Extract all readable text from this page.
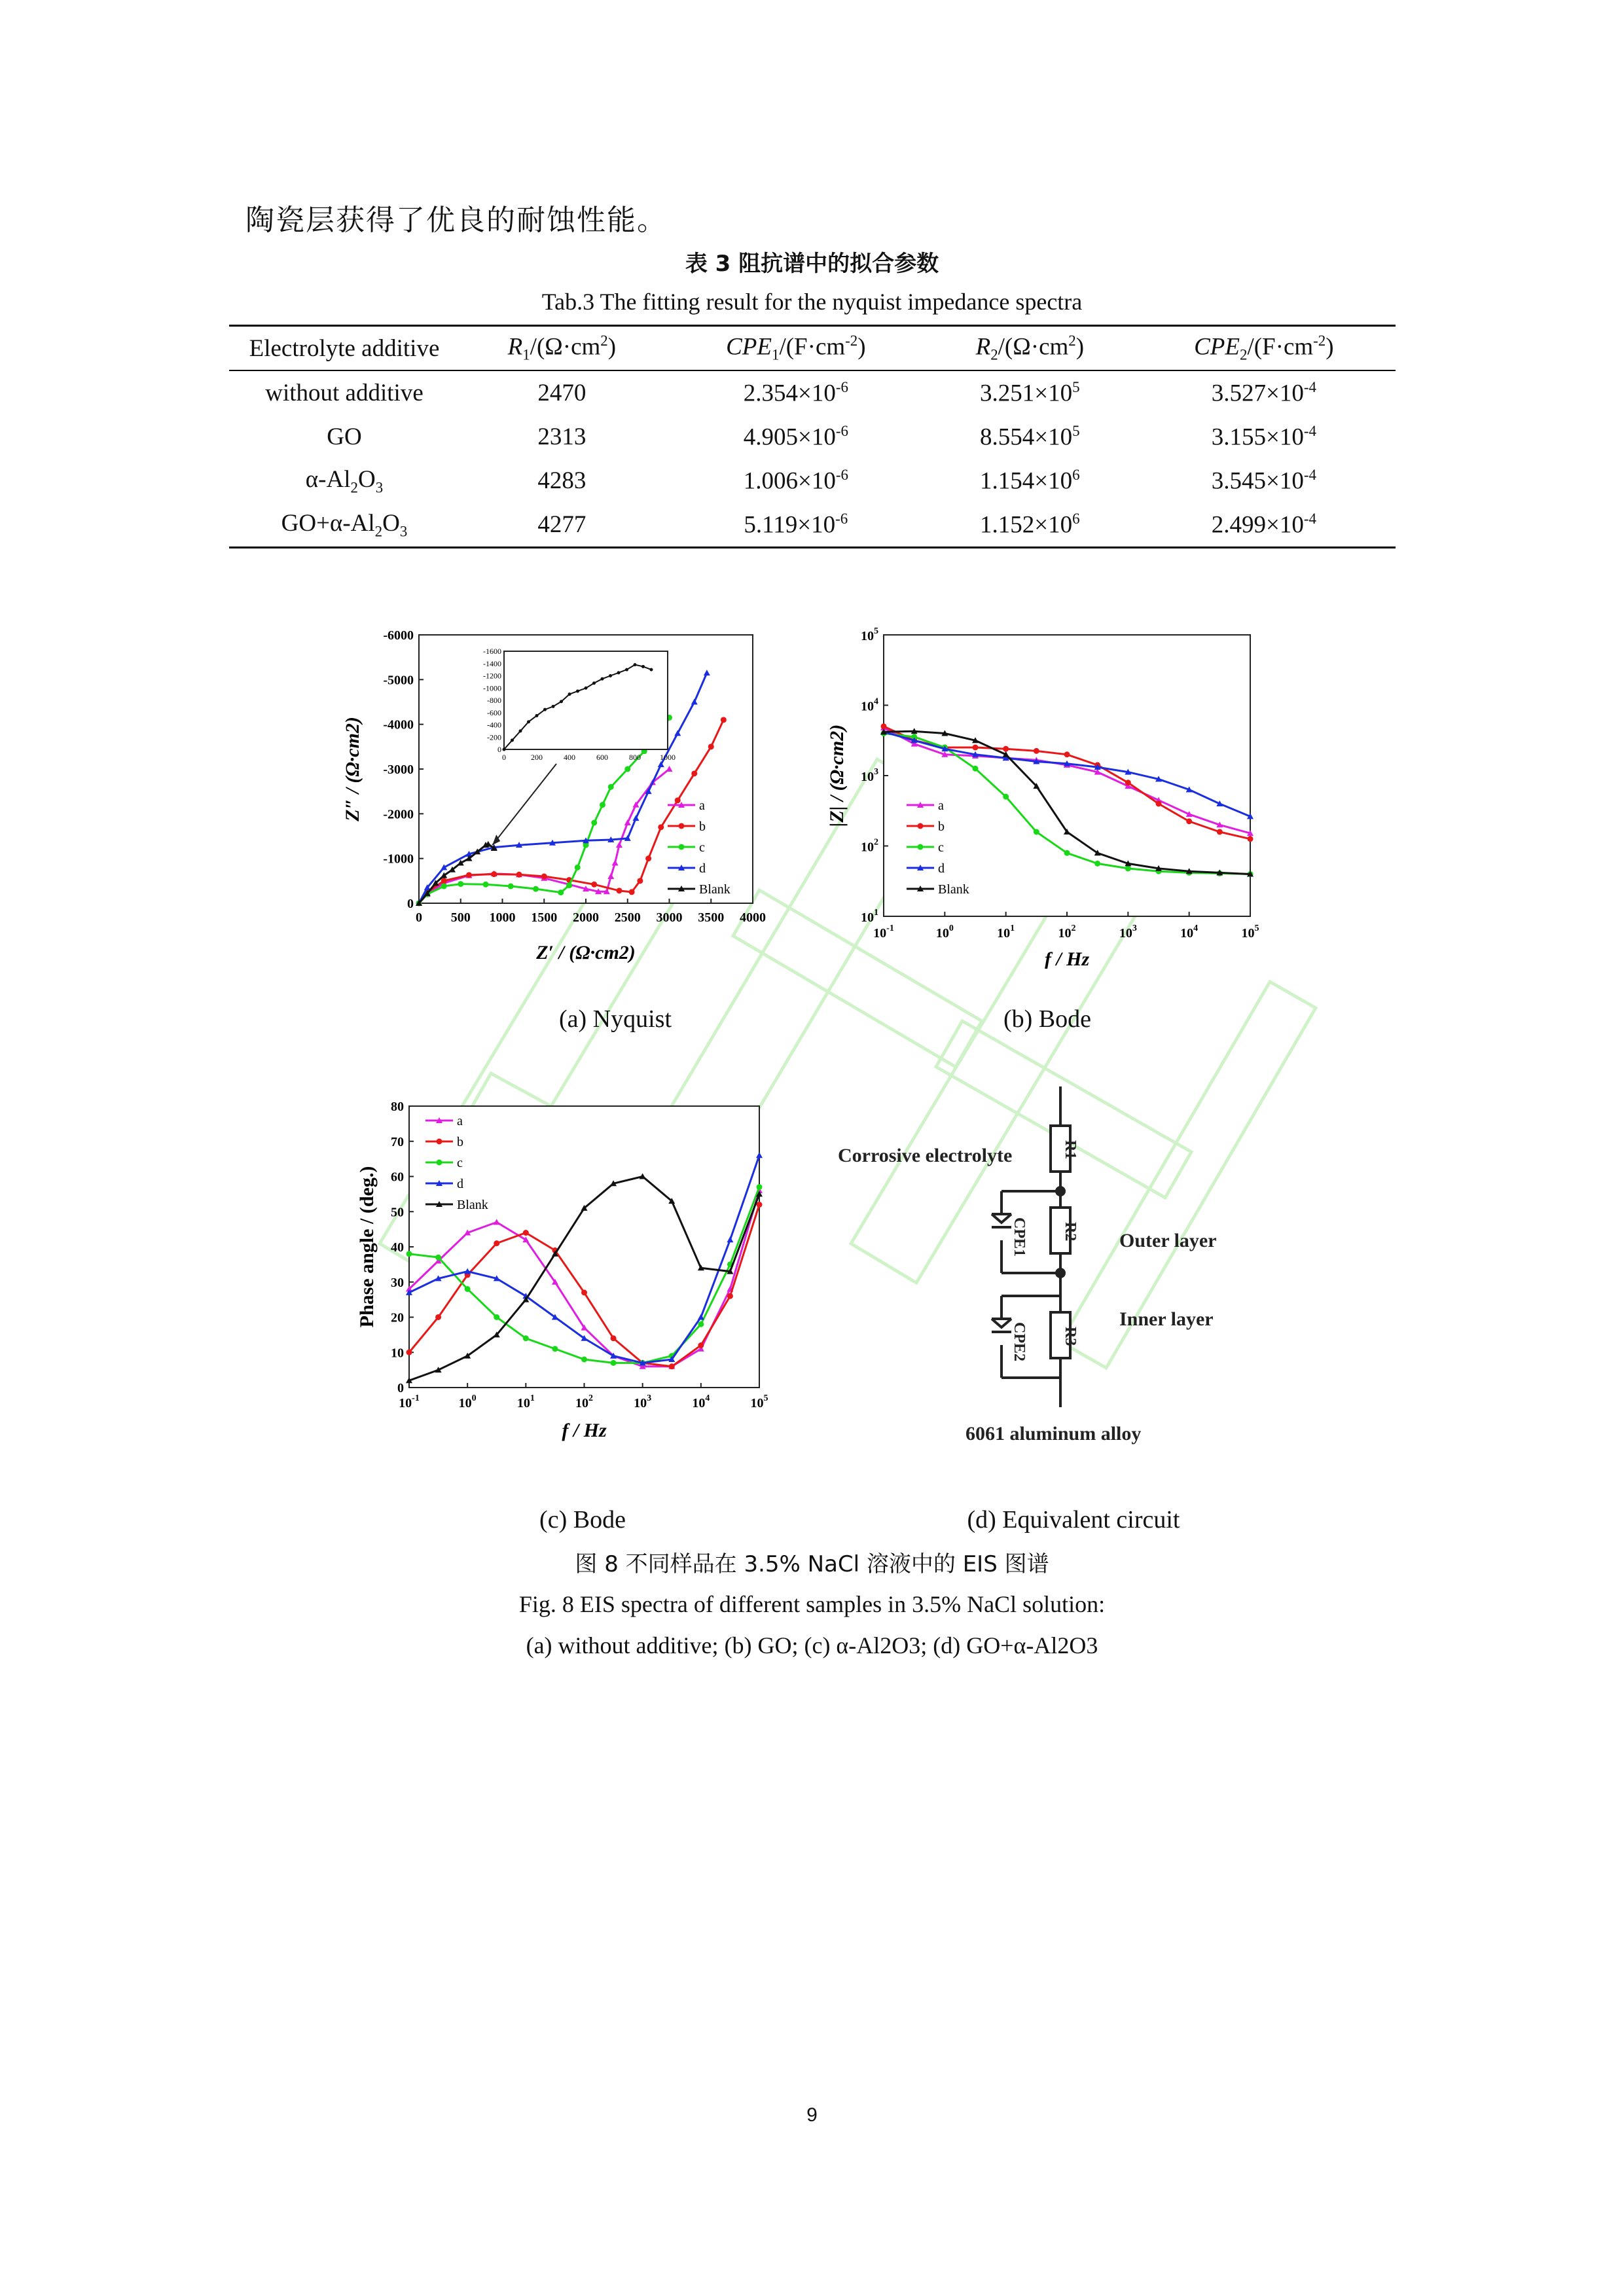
陶瓷层获得了优良的耐蚀性能。
表 3 阻抗谱中的拟合参数
Tab.3 The fitting result for the nyquist impedance spectra
Electrolyte additive	$R_1/(\Omega\cdot cm^2)$	$CPE_1/(F\cdot cm^{-2})$	$R_2/(\Omega\cdot cm^2)$	$CPE_2/(F\cdot cm^{-2})$
without additive	2470	$2.354\times 10^{-6}$	$3.251\times 10^5$	$3.527\times 10^{-4}$
GO	2313	$4.905\times 10^{-6}$	$8.554\times 10^5$	$3.155\times 10^{-4}$
$\alpha-Al_2O_3$	4283	$1.006\times 10^{-6}$	$1.154\times 10^6$	$3.545\times 10^{-4}$
$GO+\alpha-Al_2O_3$	4277	$5.119\times 10^{-6}$	$1.152\times 10^6$	$2.499\times 10^{-4}$
0 500 1000 1500 2000 2500 3000 3500 4000
0
-1000
-2000
-3000
-4000
-5000
-6000
a
b
c
d
Blank
Z′ / (Ω·cm2)
Z″ / (Ω·cm2)	0	200	400	600	800 1000
0
-200
-400
-600
-800
-1000
-1200
-1400
-1600
$10^{-1}$	$10^0$	$10^1$	$10^2$	$10^3$	$10^4$	$10^5$
$10^1$
$10^2$
$10^3$
$10^4$
$10^5$
a
b
c
d
Blank
f / Hz
|Z| / (Ω·cm2)
$10^{-1}$	$10^0$	$10^1$	$10^2$	$10^3$	$10^4$	$10^5$
0
10
20
30
40
50
60
70
80
a
b
c
d
Blank
f / Hz
Phase angle / (deg.)
Corrosive electrolyte
Outer layer
Inner layer
6061 aluminum alloy
R1
R2
R3
CPE1
CPE2
(a) Nyquist	(b) Bode
(c) Bode	(d) Equivalent circuit
图 8 不同样品在 3.5% NaCl 溶液中的 EIS 图谱
Fig. 8 EIS spectra of different samples in 3.5% NaCl solution:
(a) without additive; (b) GO; (c) α-Al2O3; (d) GO+α-Al2O3
9
